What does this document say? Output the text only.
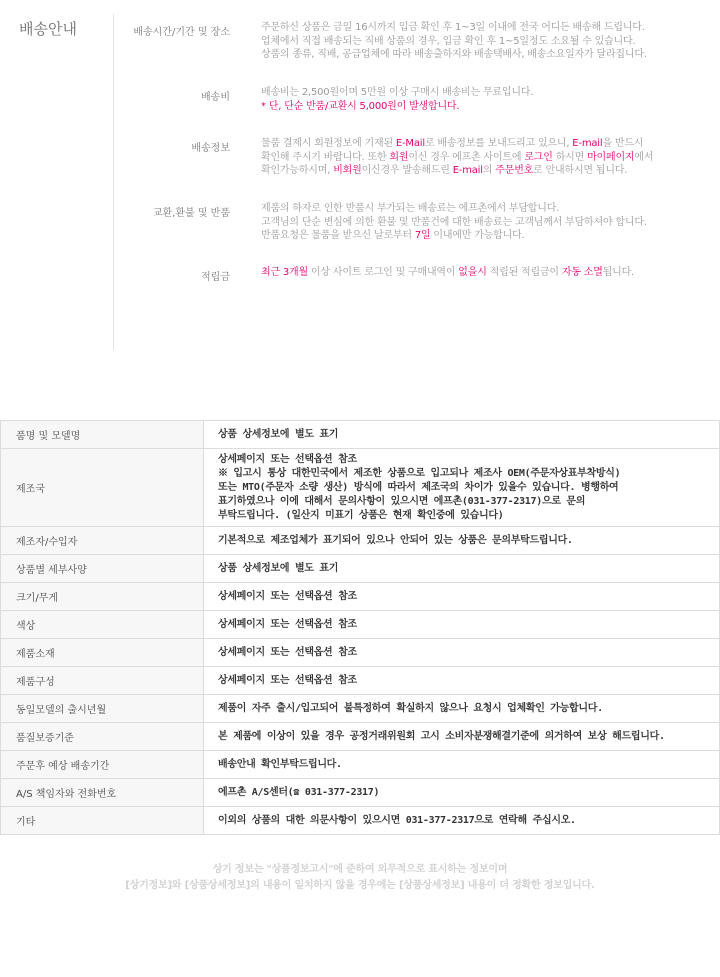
배송안내	배송시간/기간 및 장소	주문하신 상품은 금일 16시까지 입금 확인 후 1~3일 이내에 전국 어디든 배송해 드립니다.
업체에서 직접 배송되는 직배 상품의 경우, 입금 확인 후 1~5일정도 소요될 수 있습니다.
상품의 종류, 직배, 공급업체에 따라 배송출하지와 배송택배사, 배송소요일자가 달라집니다.
배송비	배송비는 2,500원이며 5만원 이상 구매시 배송비는 무료입니다.
* 단, 단순 반품/교환시 5,000원이 발생합니다.
배송정보	물품 결제시 회원정보에 기재된 E-Mail로 배송정보를 보내드리고 있으니, E-mail을 반드시
확인해 주시기 바랍니다. 또한 회원이신 경우 에프촌 사이트에 로그인 하시면 마이페이지에서
확인가능하시며, 비회원이신경우 발송해드린 E-mail의 주문번호로 안내하시면 됩니다.
교환,환불 및 반품	제품의 하자로 인한 반품시 부가되는 배송료는 에프촌에서 부담합니다.
고객님의 단순 변심에 의한 환불 및 반품건에 대한 배송료는 고객님께서 부담하셔야 합니다.
반품요청은 물품을 받으신 날로부터 7일 이내에만 가능합니다.
적립금	최근 3개월 이상 사이트 로그인 및 구매내역이 없을시 적립된 적립금이 자동 소멸됩니다.
품명 및 모델명	상품 상세정보에 별도 표기

제조국	상세페이지 또는 선택옵션 참조
※ 입고시 통상 대한민국에서 제조한 상품으로 입고되나 제조사 OEM(주문자상표부착방식)
또는 MTO(주문자 소량 생산) 방식에 따라서 제조국의 차이가 있을수 있습니다. 병행하여
표기하였으나 이에 대해서 문의사항이 있으시면 에프촌(031-377-2317)으로 문의
부탁드립니다. (일산지 미표기 상품은 현재 확인중에 있습니다)

제조자/수입자	기본적으로 제조업체가 표기되어 있으나 안되어 있는 상품은 문의부탁드립니다.

상품별 세부사양	상품 상세정보에 별도 표기

크기/무게	상세페이지 또는 선택옵션 참조

색상	상세페이지 또는 선택옵션 참조

제품소재	상세페이지 또는 선택옵션 참조

제품구성	상세페이지 또는 선택옵션 참조

동일모델의 출시년월	제품이 자주 출시/입고되어 불특정하여 확실하지 않으나 요청시 업체확인 가능합니다.

품질보증기준	본 제품에 이상이 있을 경우 공정거래위원회 고시 소비자분쟁해결기준에 의거하여 보상 해드립니다.

주문후 예상 배송기간	배송안내 확인부탁드립니다.

A/S 책임자와 전화번호	에프촌 A/S센터(☎ 031-377-2317)

기타	이외의 상품의 대한 의문사항이 있으시면 031-377-2317으로 연락해 주십시오.
상기 정보는 "상품정보고시"에 준하여 의무적으로 표시하는 정보이며
[상기정보]와 [상품상세정보]의 내용이 일치하지 않을 경우에는 [상품상세정보] 내용이 더 정확한 정보입니다.
